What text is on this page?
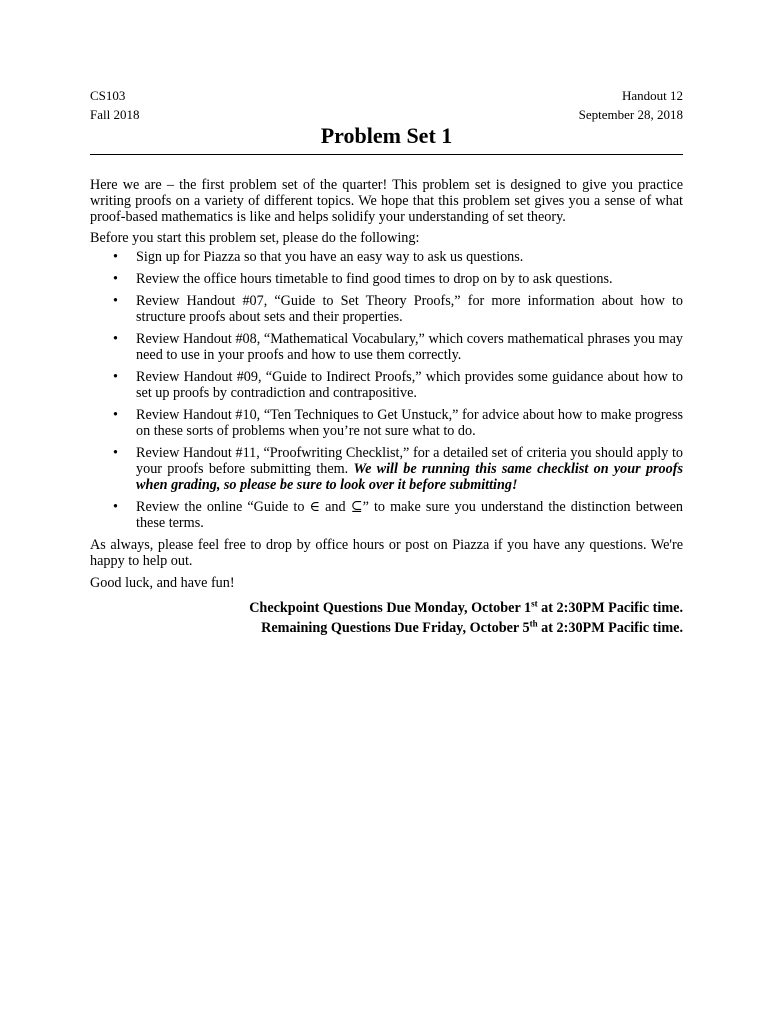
CS103	Handout 12
Fall 2018	September 28, 2018
Problem Set 1

Here we are – the first problem set of the quarter! This problem set is designed to give you practice writing proofs on a variety of different topics. We hope that this problem set gives you a sense of what proof-based mathematics is like and helps solidify your understanding of set theory.

Before you start this problem set, please do the following:

• Sign up for Piazza so that you have an easy way to ask us questions.
• Review the office hours timetable to find good times to drop on by to ask questions.
• Review Handout #07, “Guide to Set Theory Proofs,” for more information about how to structure proofs about sets and their properties.
• Review Handout #08, “Mathematical Vocabulary,” which covers mathematical phrases you may need to use in your proofs and how to use them correctly.
• Review Handout #09, “Guide to Indirect Proofs,” which provides some guidance about how to set up proofs by contradiction and contrapositive.
• Review Handout #10, “Ten Techniques to Get Unstuck,” for advice about how to make progress on these sorts of problems when you’re not sure what to do.
• Review Handout #11, “Proofwriting Checklist,” for a detailed set of criteria you should apply to your proofs before submitting them. We will be running this same checklist on your proofs when grading, so please be sure to look over it before submitting!
• Review the online “Guide to ∈ and ⊆” to make sure you understand the distinction between these terms.

As always, please feel free to drop by office hours or post on Piazza if you have any questions. We're happy to help out.

Good luck, and have fun!

Checkpoint Questions Due Monday, October 1st at 2:30PM Pacific time.
Remaining Questions Due Friday, October 5th at 2:30PM Pacific time.
